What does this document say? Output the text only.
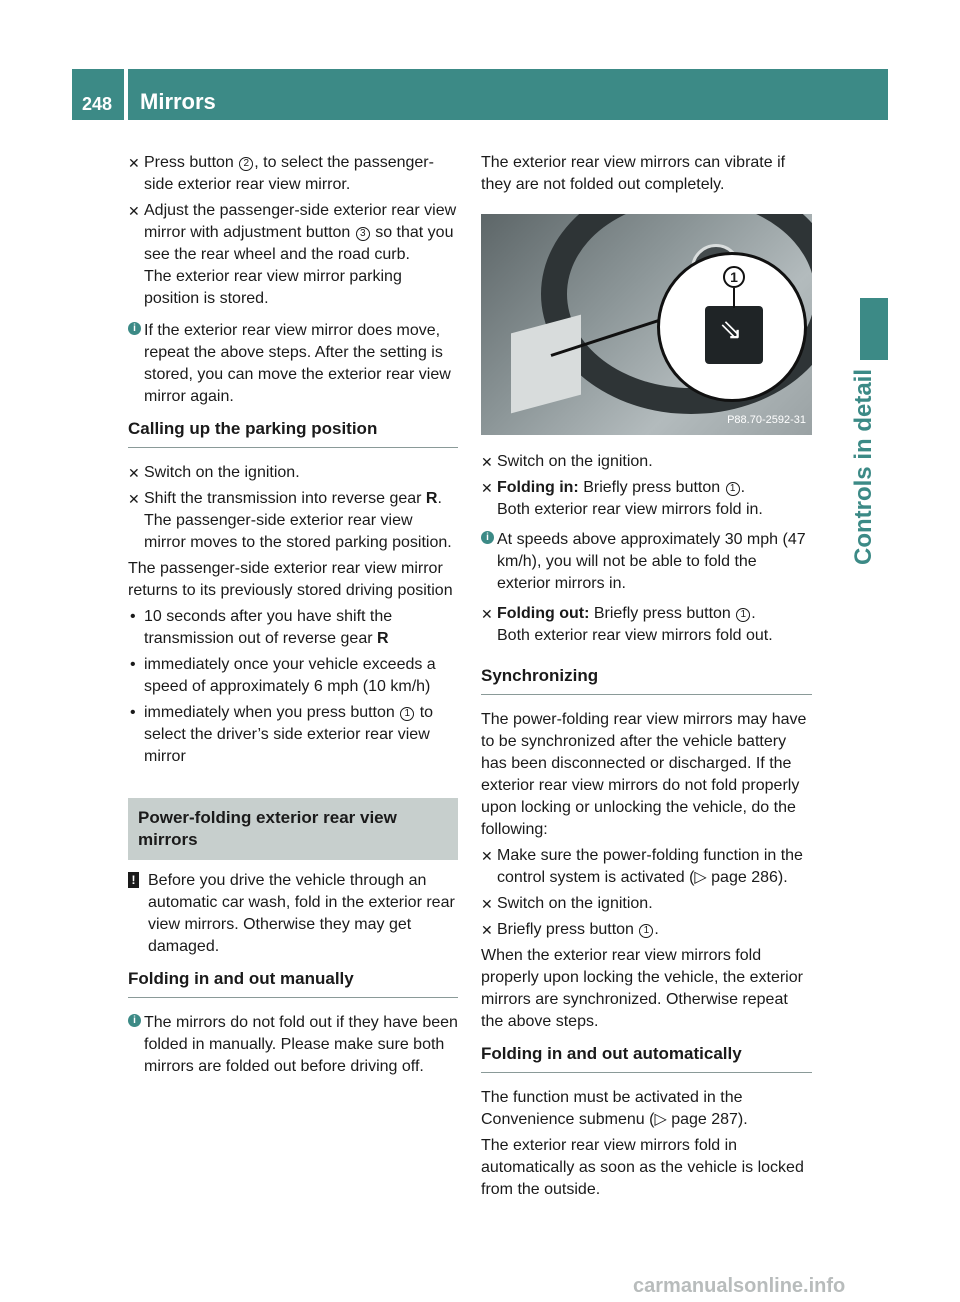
248 Mirrors
Controls in detail
✕ Press button 2 , to select the passenger-side exterior rear view mirror.
✕ Adjust the passenger-side exterior rear view mirror with adjustment button 3 so that you see the rear wheel and the road curb.
The exterior rear view mirror parking position is stored.
i If the exterior rear view mirror does move, repeat the above steps. After the setting is stored, you can move the exterior rear view mirror again.
Calling up the parking position
✕ Switch on the ignition.
✕ Shift the transmission into reverse gear R.
The passenger-side exterior rear view mirror moves to the stored parking position.
The passenger-side exterior rear view mirror returns to its previously stored driving position
• 10 seconds after you have shift the transmission out of reverse gear R
• immediately once your vehicle exceeds a speed of approximately 6 mph (10 km/h)
• immediately when you press button 1 to select the driver’s side exterior rear view mirror
Power-folding exterior rear view mirrors
! Before you drive the vehicle through an automatic car wash, fold in the exterior rear view mirrors. Otherwise they may get damaged.
Folding in and out manually
i The mirrors do not fold out if they have been folded in manually. Please make sure both mirrors are folded out before driving off.
The exterior rear view mirrors can vibrate if they are not folded out completely.
⇘
1
P88.70-2592-31
✕ Switch on the ignition.
✕ Folding in: Briefly press button 1 .
Both exterior rear view mirrors fold in.
i At speeds above approximately 30 mph (47 km/h), you will not be able to fold the exterior mirrors in.
✕ Folding out: Briefly press button 1 .
Both exterior rear view mirrors fold out.
Synchronizing
The power-folding rear view mirrors may have to be synchronized after the vehicle battery has been disconnected or discharged. If the exterior rear view mirrors do not fold properly upon locking or unlocking the vehicle, do the following:
✕ Make sure the power-folding function in the control system is activated (▷ page 286).
✕ Switch on the ignition.
✕ Briefly press button 1 .
When the exterior rear view mirrors fold properly upon locking the vehicle, the exterior mirrors are synchronized. Otherwise repeat the above steps.
Folding in and out automatically
The function must be activated in the Convenience submenu (▷ page 287).
The exterior rear view mirrors fold in automatically as soon as the vehicle is locked from the outside.
carmanualsonline.info
